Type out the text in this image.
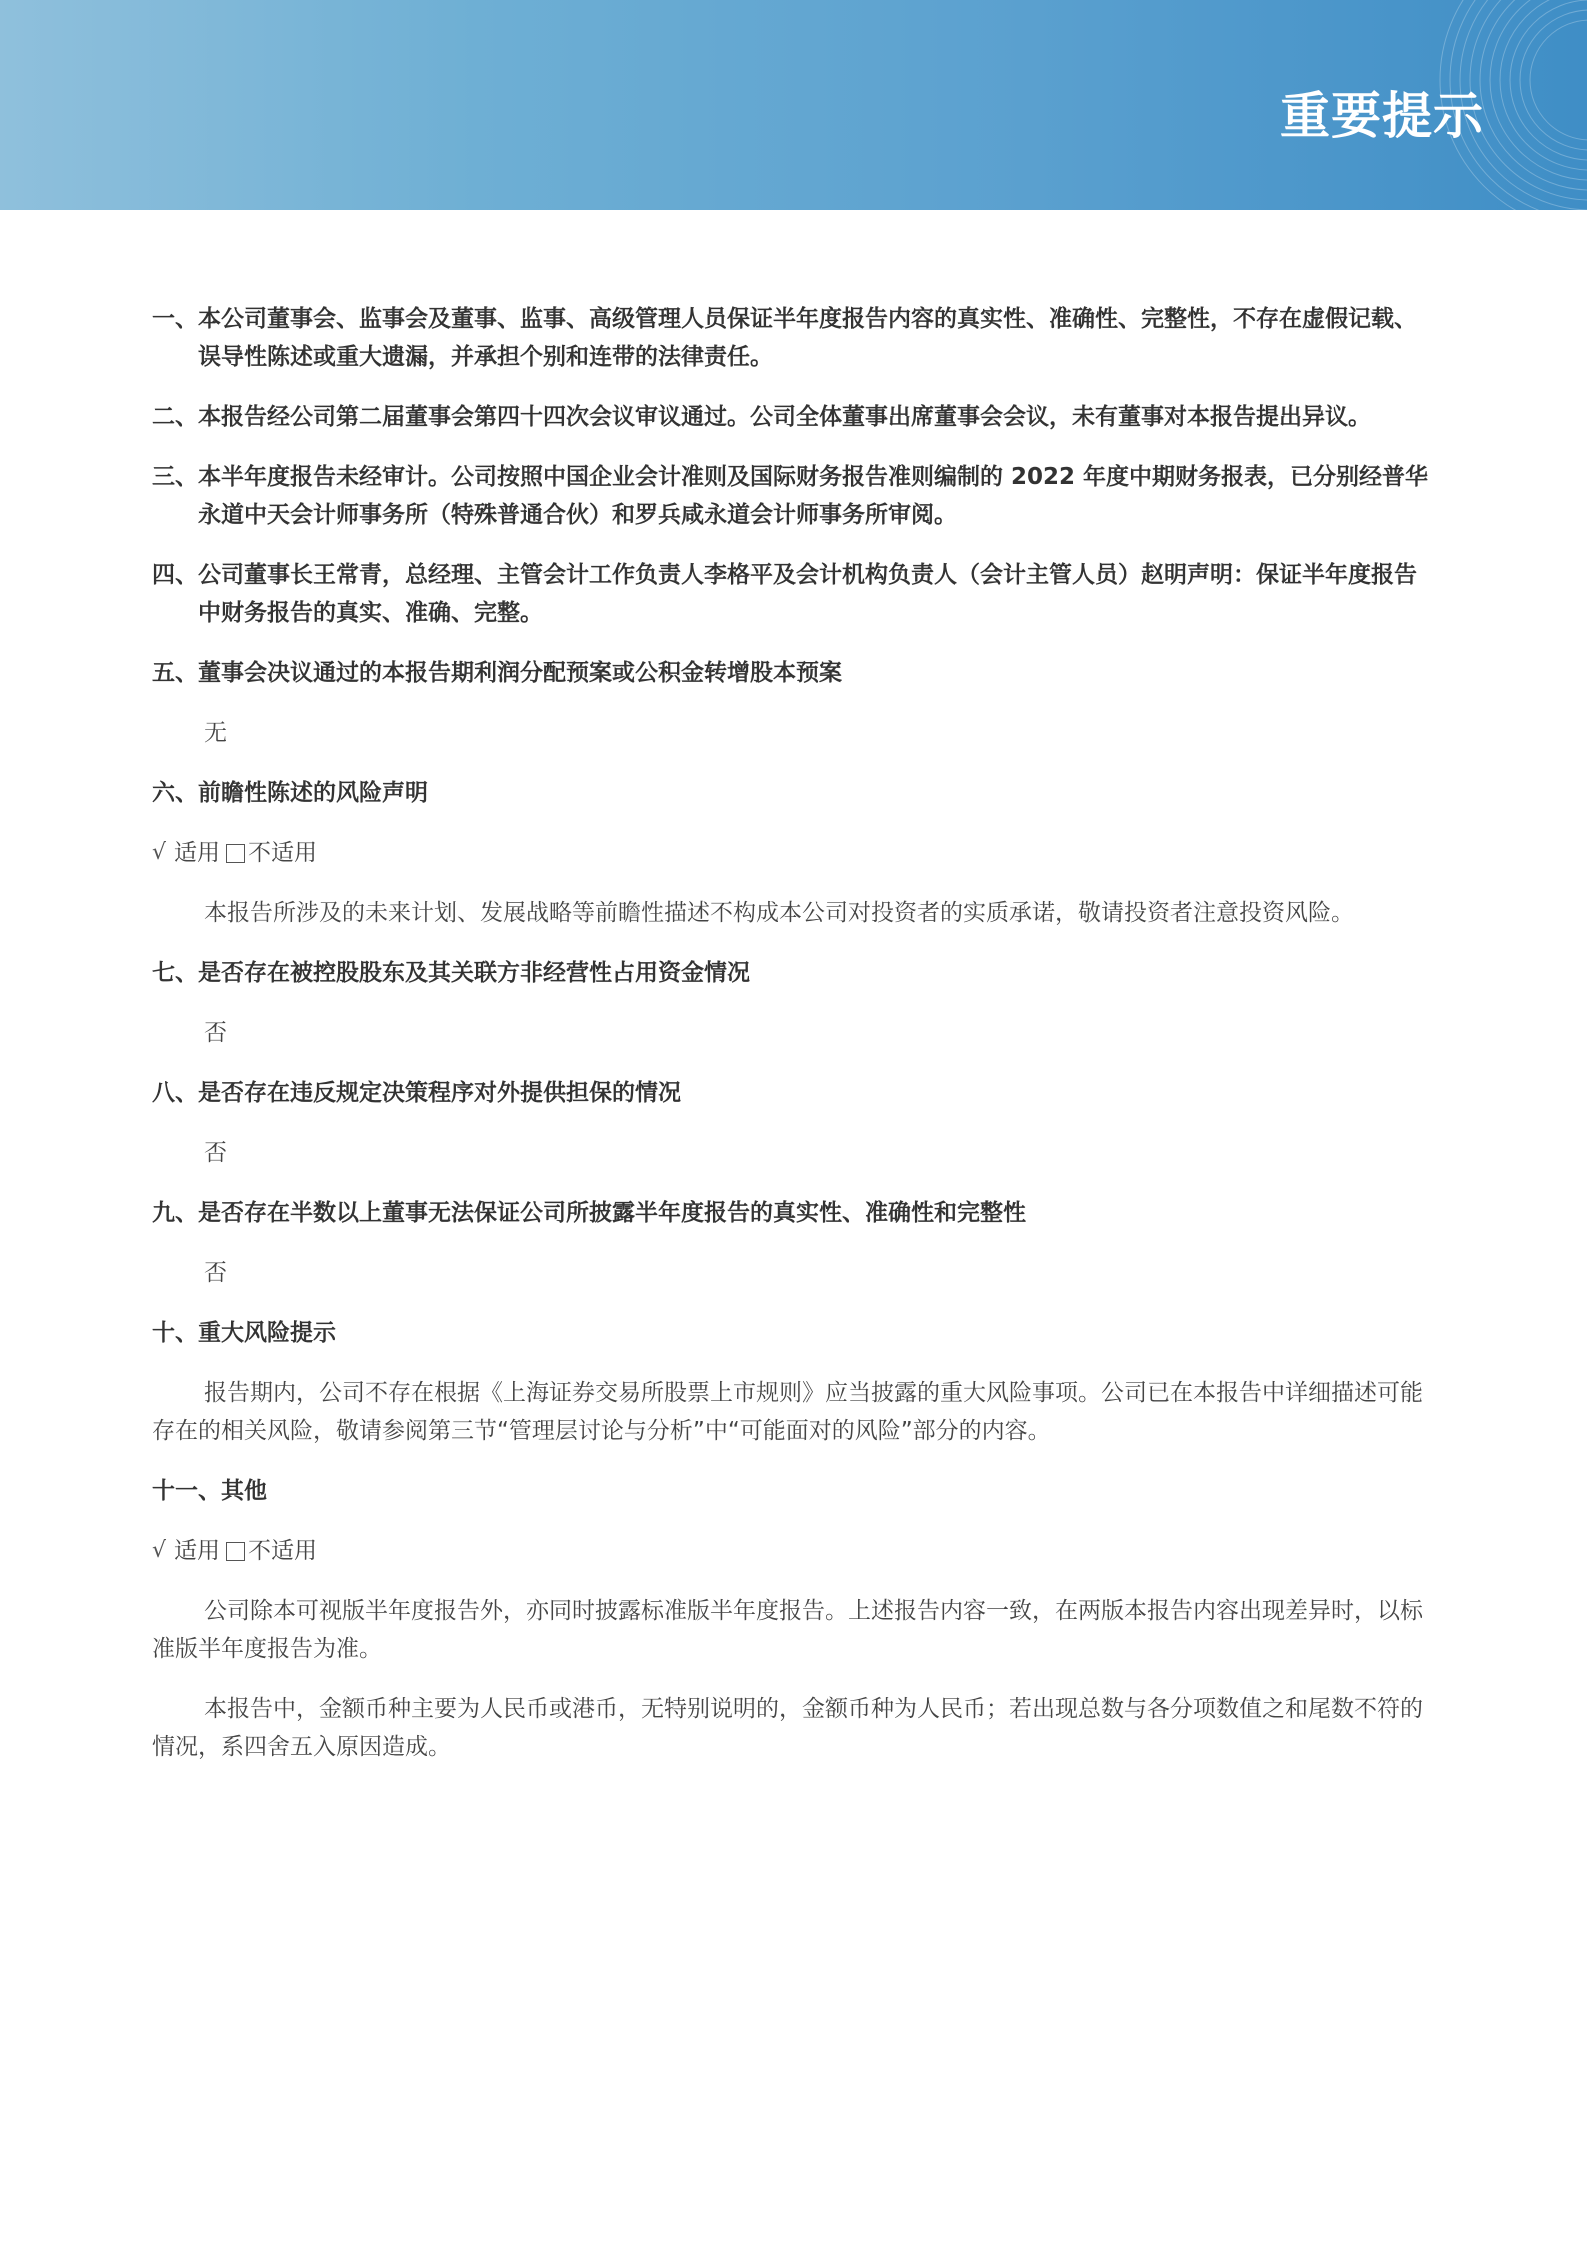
重要提示
一、 本公司董事会、监事会及董事、监事、高级管理人员保证半年度报告内容的真实性、准确性、完整性，不存在虚假记载、误导性陈述或重大遗漏，并承担个别和连带的法律责任。
二、 本报告经公司第二届董事会第四十四次会议审议通过。公司全体董事出席董事会会议，未有董事对本报告提出异议。
三、 本半年度报告未经审计。公司按照中国企业会计准则及国际财务报告准则编制的 2022 年度中期财务报表，已分别经普华永道中天会计师事务所（特殊普通合伙）和罗兵咸永道会计师事务所审阅。
四、 公司董事长王常青，总经理、主管会计工作负责人李格平及会计机构负责人（会计主管人员）赵明声明：保证半年度报告中财务报告的真实、准确、完整。
五、 董事会决议通过的本报告期利润分配预案或公积金转增股本预案
无
六、 前瞻性陈述的风险声明
√ 适用 不适用
本报告所涉及的未来计划、发展战略等前瞻性描述不构成本公司对投资者的实质承诺，敬请投资者注意投资风险。
七、 是否存在被控股股东及其关联方非经营性占用资金情况
否
八、 是否存在违反规定决策程序对外提供担保的情况
否
九、 是否存在半数以上董事无法保证公司所披露半年度报告的真实性、准确性和完整性
否
十、 重大风险提示
报告期内，公司不存在根据《上海证券交易所股票上市规则》应当披露的重大风险事项。公司已在本报告中详细描述可能存在的相关风险，敬请参阅第三节“管理层讨论与分析”中“可能面对的风险”部分的内容。
十一、 其他
√ 适用 不适用
公司除本可视版半年度报告外，亦同时披露标准版半年度报告。上述报告内容一致，在两版本报告内容出现差异时，以标准版半年度报告为准。
本报告中，金额币种主要为人民币或港币，无特别说明的，金额币种为人民币；若出现总数与各分项数值之和尾数不符的情况，系四舍五入原因造成。
